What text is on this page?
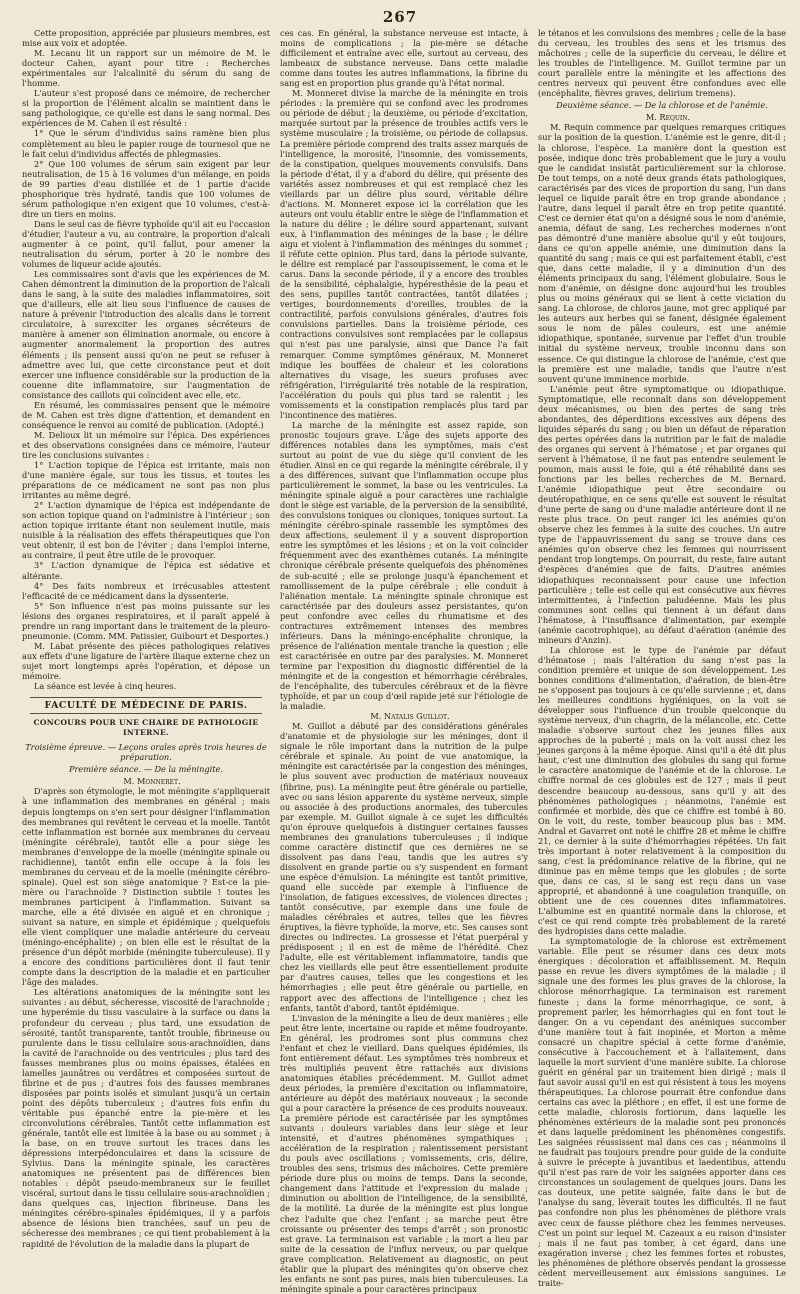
267

Cette proposition, appréciée par plusieurs membres, est mise aux voix et adoptée.

M. Lecanu lit un rapport sur un mémoire de M. le docteur Cahen, ayant pour titre : Recherches expérimentales sur l'alcalinité du sérum du sang de l'homme.

L'auteur s'est proposé dans ce mémoire, de rechercher si la proportion de l'élément alcalin se maintient dans le sang pathologique, ce qu'elle est dans le sang normal. Des expériences de M. Cahen il est résulté :

1° Que le sérum d'individus sains ramène bien plus complètement au bleu le papier rouge de tournesol que ne le fait celui d'individus affectés de phlegmasies.

2° Que 100 volumes de sérum sain exigent par leur neutralisation, de 15 à 16 volumes d'un mélange, en poids de 99 parties d'eau distillée et de 1 partie d'acide phosphorique très hydraté, tandis que 100 volumes de sérum pathologique n'en exigent que 10 volumes, c'est-à-dire un tiers en moins.

Dans le seul cas de fièvre typhoïde qu'il ait eu l'occasion d'étudier, l'auteur a vu, au contraire, la proportion d'alcali augmenter à ce point, qu'il fallut, pour amener la neutralisation du sérum, porter à 20 le nombre des volumes de liqueur acide ajoutés.

Les commissaires sont d'avis que les expériences de M. Cahen démontrent la diminution de la proportion de l'alcali dans le sang, à la suite des maladies inflammatoires, soit que d'ailleurs, elle ait lieu sous l'influence de causes de nature à prévenir l'introduction des alcalis dans le torrent circulatoire, à surexciter les organes sécréteurs de manière à amener son élimination anormale, ou encore à augmenter anormalement la proportion des autres éléments ; ils pensent aussi qu'on ne peut se refuser à admettre avec lui, que cette circonstance peut et doit exercer une influence considérable sur la production de la couenne dite inflammatoire, sur l'augmentation de consistance des caillots qui coïncident avec elle, etc.

En résumé, les commissaires pensent que le mémoire de M. Cahen est très digne d'attention, et demandent en conséquence le renvoi au comité de publication. (Adopté.)

M. Delioux lit un mémoire sur l'épica. Des expériences et des observations consignées dans ce mémoire, l'auteur tire les conclusions suivantes :

1° L'action topique de l'épica est irritante, mais non d'une manière égale, sur tous les tissus, et toutes les préparations de ce médicament ne sont pas non plus irritantes au même degré.

2° L'action dynamique de l'épica est indépendante de son action topique quand on l'administre à l'intérieur ; son action topique irritante étant non seulement inutile, mais nuisible à la réalisation des effets thérapeutiques que l'on veut obtenir, il est bon de l'éviter ; dans l'emploi interne, au contraire, il peut être utile de le provoquer.

3° L'action dynamique de l'épica est sédative et altérante.

4° Des faits nombreux et irrécusables attestent l'efficacité de ce médicament dans la dyssenterie.

5° Son influence n'est pas moins puissante sur les lésions des organes respiratoires, et il paraît appelé à prendre un rang important dans le traitement de la pleuro-pneumonie. (Comm. MM. Patissier, Guibourt et Desportes.)

M. Labat présente des pièces pathologiques relatives aux effets d'une ligature de l'artère iliaque externe chez un sujet mort longtemps après l'opération, et dépose un mémoire.

La séance est levée à cinq heures.

FACULTÉ DE MÉDECINE DE PARIS.
CONCOURS POUR UNE CHAIRE DE PATHOLOGIE INTERNE.

Troisième épreuve. — Leçons orales après trois heures de préparation.

Première séance. — De la méningite.

M. Monneret.

D'après son étymologie, le mot méningite s'appliquerait à une inflammation des membranes en général ; mais depuis longtemps on s'en sert pour désigner l'inflammation des membranes qui revêtent le cerveau et la moelle. Tantôt cette inflammation est bornée aux membranes du cerveau (méningite cérébrale), tantôt elle a pour siège les membranes d'enveloppe de la moelle (méningite spinale ou rachidienne), tantôt enfin elle occupe à la fois les membranes du cerveau et de la moelle (méningite cérébro-spinale). Quel est son siège anatomique ? Est-ce la pie-mère ou l'arachnoïde ? Distinction subtile ! toutes les membranes participent à l'inflammation. Suivant sa marche, elle a été divisée en aiguë et en chronique ; suivant sa nature, en simple et épidémique ; quelquefois elle vient compliquer une maladie antérieure du cerveau (méningo-encéphalite) ; on bien elle est le résultat de la présence d'un dépôt morbide (méningite tuberculeuse). Il y a encore des conditions particulières dont il faut tenir compte dans la description de la maladie et en particulier l'âge des malades.

Les altérations anatomiques de la méningite sont les suivantes : au début, sécheresse, viscosité de l'arachnoïde ; une hyperémie du tissu vasculaire à la surface ou dans la profondeur du cerveau ; plus tard, une exsudation de sérosité, tantôt transparente, tantôt trouble, fibrineuse ou purulente dans le tissu cellulaire sous-arachnoïdien, dans la cavité de l'arachnoïde ou des ventricules ; plus tard des fausses membranes plus ou moins épaisses, étalées en lamelles jaunâtres ou verdâtres et composées surtout de fibrine et de pus ; d'autres fois des fausses membranes disposées par points isolés et simulant jusqu'à un certain point des dépôts tuberculeux ; d'autres fois enfin du véritable pus épanché entre la pie-mère et les circonvolutions cérébrales. Tantôt cette inflammation est générale, tantôt elle est limitée à la base ou au sommet ; à la base, on en trouve surtout les traces dans les dépressions interpédonculaires et dans la scissure de Sylvius. Dans la méningite spinale, les caractères anatomiques ne présentent pas de différences bien notables : dépôt pseudo-membraneux sur le feuillet viscéral, surtout dans le tissu cellulaire sous-arachnoïdien ; dans quelques cas, injection fibrineuse. Dans les méningites cérébro-spinales épidémiques, il y a parfois absence de lésions bien tranchées, sauf un peu de sécheresse des membranes ; ce qui tient probablement à la rapidité de l'évolution de la maladie dans la plupart de

ces cas. En général, la substance nerveuse est intacte, à moins de complications ; la pie-mère se détache difficilement et entraîne avec elle, surtout au cerveau, des lambeaux de substance nerveuse. Dans cette maladie comme dans toutes les autres inflammations, la fibrine du sang est en proportion plus grande qu'à l'état normal.

M. Monneret divise la marche de la méningite en trois périodes : la première qui se confond avec les prodromes ou période de début ; la deuxième, ou période d'excitation, marquée surtout par la présence de troubles actifs vers le système musculaire ; la troisième, ou période de collapsus. La première période comprend des traits assez marqués de l'intelligence, la morosité, l'insomnie, des vomissements, de la constipation, quelques mouvements convulsifs. Dans la période d'état, il y a d'abord du délire, qui présente des variétés assez nombreuses et qui est remplacé chez les vieillards par un délire plus sourd, véritable délire d'actions. M. Monneret expose ici la corrélation que les auteurs ont voulu établir entre le siège de l'inflammation et la nature du délire ; le délire sourd appartenant, suivant eux, à l'inflammation des méninges de la base ; le délire aigu et violent à l'inflammation des méninges du sommet ; il réfute cette opinion. Plus tard, dans la période suivante, le délire est remplacé par l'assoupissement, le coma et le carus. Dans la seconde période, il y a encore des troubles de la sensibilité, céphalalgie, hypéresthésie de la peau et des sens, pupilles tantôt contractées, tantôt dilatées ; vertiges, bourdonnements d'oreilles, troubles de la contractilité, parfois convulsions générales, d'autres fois convulsions partielles. Dans la troisième période, ces contractions convulsives sont remplacées par le collapsus qui n'est pas une paralysie, ainsi que Dance l'a fait remarquer. Comme symptômes généraux, M. Monneret indique les bouffées de chaleur et les colorations alternatives du visage, les sueurs profuses avec réfrigération, l'irrégularité très notable de la respiration, l'accélération du pouls qui plus tard se ralentit ; les vomissements et la constipation remplacés plus tard par l'incontinence des matières.

La marche de la méningite est assez rapide, son pronostic toujours grave. L'âge des sujets apporte des différences notables dans les symptômes, mais c'est surtout au point de vue du siège qu'il convient de les étudier. Ainsi en ce qui regarde la méningite cérébrale, il y a des différences, suivant que l'inflammation occupe plus particulièrement le sommet, la base ou les ventricules. La méningite spinale aiguë a pour caractères une rachialgie dont le siège est variable, de la perversion de la sensibilité, des convulsions toniques ou cloniques, toniques surtout. La méningite cérébro-spinale rassemble les symptômes des deux affections, seulement il y a souvent disproportion entre les symptômes et les lésions ; et on la voit coïncider fréquemment avec des exanthèmes cutanés. La méningite chronique cérébrale présente quelquefois des phénomènes de sub-acuité ; elle se prolonge jusqu'à épanchement et ramollissement de la pulpe cérébrale ; elle conduit à l'aliénation mentale. La méningite spinale chronique est caractérisée par des douleurs assez persistantes, qu'on peut confondre avec celles du rhumatisme et des contractures extrêmement intenses des membres inférieurs. Dans la méningo-encéphalite chronique, la présence de l'aliénation mentale tranche la question ; elle est caractérisée en outre par des paralysies. M. Monneret termine par l'exposition du diagnostic différentiel de la méningite et de la congestion et hémorrhagie cérébrales, de l'encéphalite, des tubercules cérébraux et de la fièvre typhoïde, et par un coup d'œil rapide jeté sur l'étiologie de la maladie.

M. Natalis Guillot.

M. Guillot a débuté par des considérations générales d'anatomie et de physiologie sur les méninges, dont il signale le rôle important dans la nutrition de la pulpe cérébrale et spinale. Au point de vue anatomique, la méningite est caractérisée par la congestion des méninges, le plus souvent avec production de matériaux nouveaux (fibrine, pus). La méningite peut être générale ou partielle, avec ou sans lésion apparente du système nerveux, simple ou associée à des productions anormales, des tubercules par exemple. M. Guillot signale à ce sujet les difficultés qu'on éprouve quelquefois à distinguer certaines fausses membranes des granulations tuberculeuses ; il indique comme caractère distinctif que ces dernières ne se dissolvent pas dans l'eau, tandis que les autres s'y dissolvent en grande partie ou s'y suspendent en formant une espèce d'émulsion. La méningite est tantôt primitive, quand elle succède par exemple à l'influence de l'insolation, de fatigues excessives, de violences directes ; tantôt consécutive, par exemple dans une foule de maladies cérébrales et autres, telles que les fièvres éruptives, la fièvre typhoïde, la morve, etc. Ses causes sont directes ou indirectes. La grossesse et l'état puerpéral y prédisposent ; il en est de même de l'hérédité. Chez l'adulte, elle est véritablement inflammatoire, tandis que chez les vieillards elle peut être essentiellement produite par d'autres causes, telles que les congestions et les hémorrhagies ; elle peut être générale ou partielle, en rapport avec des affections de l'intelligence ; chez les enfants, tantôt d'abord, tantôt épidémique.

L'invasion de la méningite a lieu de deux manières ; elle peut être lente, incertaine ou rapide et même foudroyante. En général, les prodromes sont plus communs chez l'enfant et chez le vieillard. Dans quelques épidémies, ils font entièrement défaut. Les symptômes très nombreux et très multipliés peuvent être rattachés aux divisions anatomiques établies précédemment. M. Guillot admet deux périodes, la première d'excitation ou inflammatoire, antérieure au dépôt des matériaux nouveaux ; la seconde qui a pour caractère la présence de ces produits nouveaux. La première période est caractérisée par les symptômes suivants : douleurs variables dans leur siège et leur intensité, et d'autres phénomènes sympathiques ; accélération de la respiration ; ralentissement persistant du pouls avec oscillations ; vomissements, cris, délire, troubles des sens, trismus des mâchoires. Cette première période dure plus ou moins de temps. Dans la seconde, changement dans l'attitude et l'expression du malade ; diminution ou abolition de l'intelligence, de la sensibilité, de la motilité. La durée de la méningite est plus longue chez l'adulte que chez l'enfant ; sa marche peut être croissante ou présenter des temps d'arrêt ; son pronostic est grave. La terminaison est variable ; la mort a lieu par suite de la cessation de l'influx nerveux, ou par quelque grave complication. Relativement au diagnostic, on peut établir que la plupart des méningites qu'on observe chez les enfants ne sont pas pures, mais bien tuberculeuses. La méningite spinale a pour caractères principaux

le tétanos et les convulsions des membres ; celle de la base du cerveau, les troubles des sens et les trismus des mâchoires ; celle de la superficie du cerveau, le délire et les troubles de l'intelligence. M. Guillot termine par un court parallèle entre la méningite et les affections des centres nerveux qui peuvent être confondues avec elle (encéphalite, fièvres graves, delirium tremens).

Deuxième séance. — De la chlorose et de l'anémie.

M. Requin.

M. Requin commence par quelques remarques critiques sur la position de la question. L'anémie est le genre, dit-il ; la chlorose, l'espèce. La manière dont la question est posée, indique donc très probablement que le jury a voulu que le candidat insistât particulièrement sur la chlorose. De tout temps, on a noté deux grands états pathologiques, caractérisés par des vices de proportion du sang, l'un dans lequel ce liquide paraît être en trop grande abondance ; l'autre, dans lequel il paraît être en trop petite quantité. C'est ce dernier état qu'on a désigné sous le nom d'anémie, anemia, défaut de sang. Les recherches modernes n'ont pas démontré d'une manière absolue qu'il y eût toujours, dans ce qu'on appelle anémie, une diminution dans la quantité du sang ; mais ce qui est parfaitement établi, c'est que, dans cette maladie, il y a diminution d'un des éléments principaux du sang, l'élément globulaire. Sous le nom d'anémie, on désigne donc aujourd'hui les troubles plus ou moins généraux qui se lient à cette viciation du sang. La chlorose, de chloros jaune, mot grec appliqué par les auteurs aux herbes qui se fanent, désignée également sous le nom de pâles couleurs, est une anémie idiopathique, spontanée, survenue par l'effet d'un trouble initial du système nerveux, trouble inconnu dans son essence. Ce qui distingue la chlorose de l'anémie, c'est que la première est une maladie, tandis que l'autre n'est souvent qu'une imminence morbide.

L'anémie peut être symptomatique ou idiopathique. Symptomatique, elle reconnaît dans son développement deux mécanismes, ou bien des pertes de sang très abondantes, des déperditions excessives aux dépens des liquides séparés du sang ; ou bien un défaut de réparation des pertes opérées dans la nutrition par le fait de maladie des organes qui servent à l'hématose ; et par organes qui servent à l'hématose, il ne faut pas entendre seulement le poumon, mais aussi le foie, qui a été réhabilité dans ses fonctions par les belles recherches de M. Bernard. L'anémie idiopathique peut être secondaire ou deutéropathique, en ce sens qu'elle est souvent le résultat d'une perte de sang ou d'une maladie antérieure dont il ne reste plus trace. On peut ranger ici les anémies qu'on observe chez les femmes à la suite des couches. Un autre type de l'appauvrissement du sang se trouve dans ces anémies qu'on observe chez les femmes qui nourrissent pendant trop longtemps. On pourrait, du reste, faire autant d'espèces d'anémies que de faits. D'autres anémies idiopathiques reconnaissent pour cause une infection particulière ; telle est celle qui est consécutive aux fièvres intermittentes, à l'infection paludéenne. Mais les plus communes sont celles qui tiennent à un défaut dans l'hématose, à l'insuffisance d'alimentation, par exemple (anémie cacotrophique), au défaut d'aération (anémie des mineurs d'Anzin).

La chlorose est le type de l'anémie par défaut d'hématose ; mais l'altération du sang n'est pas la condition première et unique de son développement. Les bonnes conditions d'alimentation, d'aération, de bien-être ne s'opposent pas toujours à ce qu'elle survienne ; et, dans les meilleures conditions hygiéniques, on la voit se développer sous l'influence d'un trouble quelconque du système nerveux, d'un chagrin, de la mélancolie, etc. Cette maladie s'observe surtout chez les jeunes filles aux approches de la puberté ; mais on la voit aussi chez les jeunes garçons à la même époque. Ainsi qu'il a été dit plus haut, c'est une diminution des globules du sang qui forme le caractère anatomique de l'anémie et de la chlorose. Le chiffre normal de ces globules est de 127 ; mais il peut descendre beaucoup au-dessous, sans qu'il y ait des phénomènes pathologiques ; néanmoins, l'anémie est confirmée et morbide, dès que ce chiffre est tombé à 80. On le voit, du reste, tomber beaucoup plus bas : MM. Andral et Gavarret ont noté le chiffre 28 et même le chiffre 21, ce dernier à la suite d'hémorrhagies répétées. Un fait très important à noter relativement à la composition du sang, c'est la prédominance relative de la fibrine, qui ne diminue pas en même temps que les globules ; de sorte que, dans ce cas, si le sang est reçu dans un vase approprié, et abandonné à une coagulation tranquille, on obtient une de ces couennes dites inflammatoires. L'albumine est en quantité normale dans la chlorose, et c'est ce qui rend compte très probablement de la rareté des hydropisies dans cette maladie.

La symptomatologie de la chlorose est extrêmement variable. Elle peut se résumer dans ces deux mots énergiques : décoloration et affaiblissement. M. Requin passe en revue les divers symptômes de la maladie ; il signale une des formes les plus graves de la chlorose, la chlorose ménorrhagique. La terminaison est rarement funeste ; dans la forme ménorrhagique, ce sont, à proprement parler, les hémorrhagies qui en font tout le danger. On a vu cependant des anémiques succomber d'une manière tout à fait inopinée, et Morton a même consacré un chapitre spécial à cette forme d'anémie, consécutive à l'accouchement et à l'allaitement, dans laquelle la mort survient d'une manière subite. La chlorose guérit en général par un traitement bien dirigé ; mais il faut savoir aussi qu'il en est qui résistent à tous les moyens thérapeutiques. La chlorose pourrait être confondue dans certains cas avec la pléthore ; en effet, il est une forme de cette maladie, chlorosis fortiorum, dans laquelle les phénomènes extérieurs de la maladie sont peu prononcés et dans laquelle prédominent les phénomènes congestifs. Les saignées réussissent mal dans ces cas ; néanmoins il ne faudrait pas toujours prendre pour guide de la conduite à suivre le précepte à juvantibus et laedentibus, attendu qu'il n'est pas rare de voir les saignées apporter dans ces circonstances un soulagement de quelques jours. Dans les cas douteux, une petite saignée, faite dans le but de l'analyse du sang, lèverait toutes les difficultés. Il ne faut pas confondre non plus les phénomènes de pléthore vrais avec ceux de fausse pléthore chez les femmes nerveuses. C'est un point sur lequel M. Cazeaux a eu raison d'insister ; mais il ne faut pas tomber, à cet égard, dans une exagération inverse ; chez les femmes fortes et robustes, les phénomènes de pléthore observés pendant la grossesse cèdent merveilleusement aux émissions sanguines. Le traite-
